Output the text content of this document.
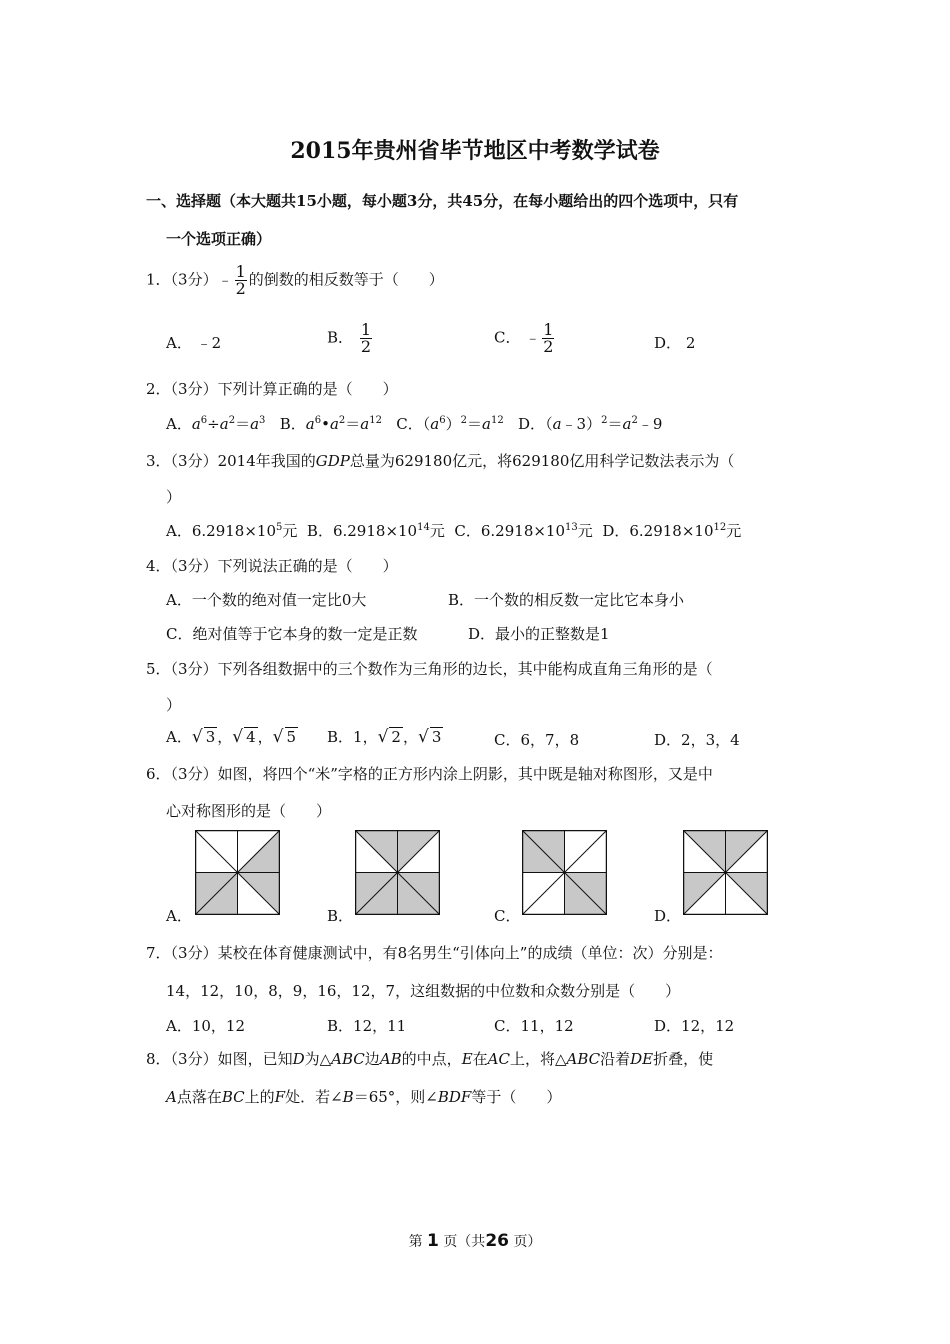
2015年贵州省毕节地区中考数学试卷
一、选择题（本大题共15小题，每小题3分，共45分，在每小题给出的四个选项中，只有
一个选项正确）
1．（3分）﹣ $\frac{1}{2}$ 的倒数的相反数等于（　　）
A． ﹣2	B． $\frac{1}{2}$	C． ﹣ $\frac{1}{2}$	D． 2
2．（3分）下列计算正确的是（　　）
A．$a^6\div a^2=a^3$ B．$a^6•a^2=a^{12}$ C．$(a^6)^2=a^{12}$ D．$(a﹣3)^2=a^2﹣9$
3．（3分）2014年我国的GDP总量为629180亿元，将629180亿用科学记数法表示为（
）
A．$6.2918\times 10^5$元 B．$6.2918\times 10^{14}$元 C．$6.2918\times 10^{13}$元 D．$6.2918\times 10^{12}$元
4．（3分）下列说法正确的是（　　）
A．一个数的绝对值一定比0大	B．一个数的相反数一定比它本身小
C．绝对值等于它本身的数一定是正数	D．最小的正整数是1
5．（3分）下列各组数据中的三个数作为三角形的边长，其中能构成直角三角形的是（
）
A．√ 3 ，√ 4 ，√ 5 B．1，√ 2 ，√ 3	C．6，7，8	D．2，3，4
6．（3分）如图，将四个“米”字格的正方形内涂上阴影，其中既是轴对称图形，又是中
心对称图形的是（　　）
A．	B．	C．	D．
7．（3分）某校在体育健康测试中，有8名男生“引体向上”的成绩（单位：次）分别是：
14，12，10，8，9，16，12，7，这组数据的中位数和众数分别是（　　）
A．10，12	B．12，11	C．11，12	D．12，12
8．（3分）如图，已知D为△ABC边AB的中点，E在AC上，将△ABC沿着DE折叠，使
A点落在BC上的F处．若∠B＝65°，则∠BDF等于（　　）
第 1 页（共26 页）
